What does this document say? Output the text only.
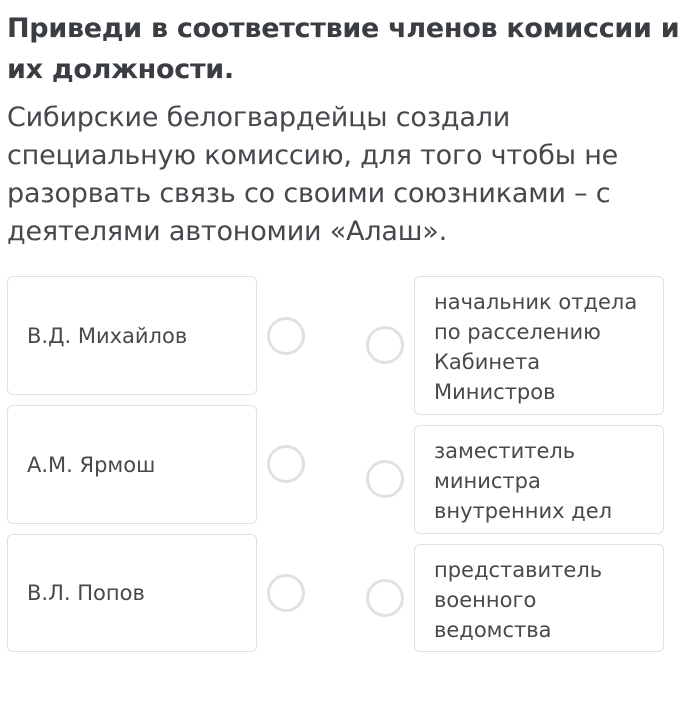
Приведи в соответствие членов комиссии и их должности.
Сибирские белогвардейцы создали специальную комиссию, для того чтобы не разорвать связь со своими союзниками – с деятелями автономии «Алаш».
В.Д. Михайлов
А.М. Ярмош
В.Л. Попов
начальник отдела по расселению Кабинета Министров
заместитель министра внутренних дел
представитель военного ведомства
